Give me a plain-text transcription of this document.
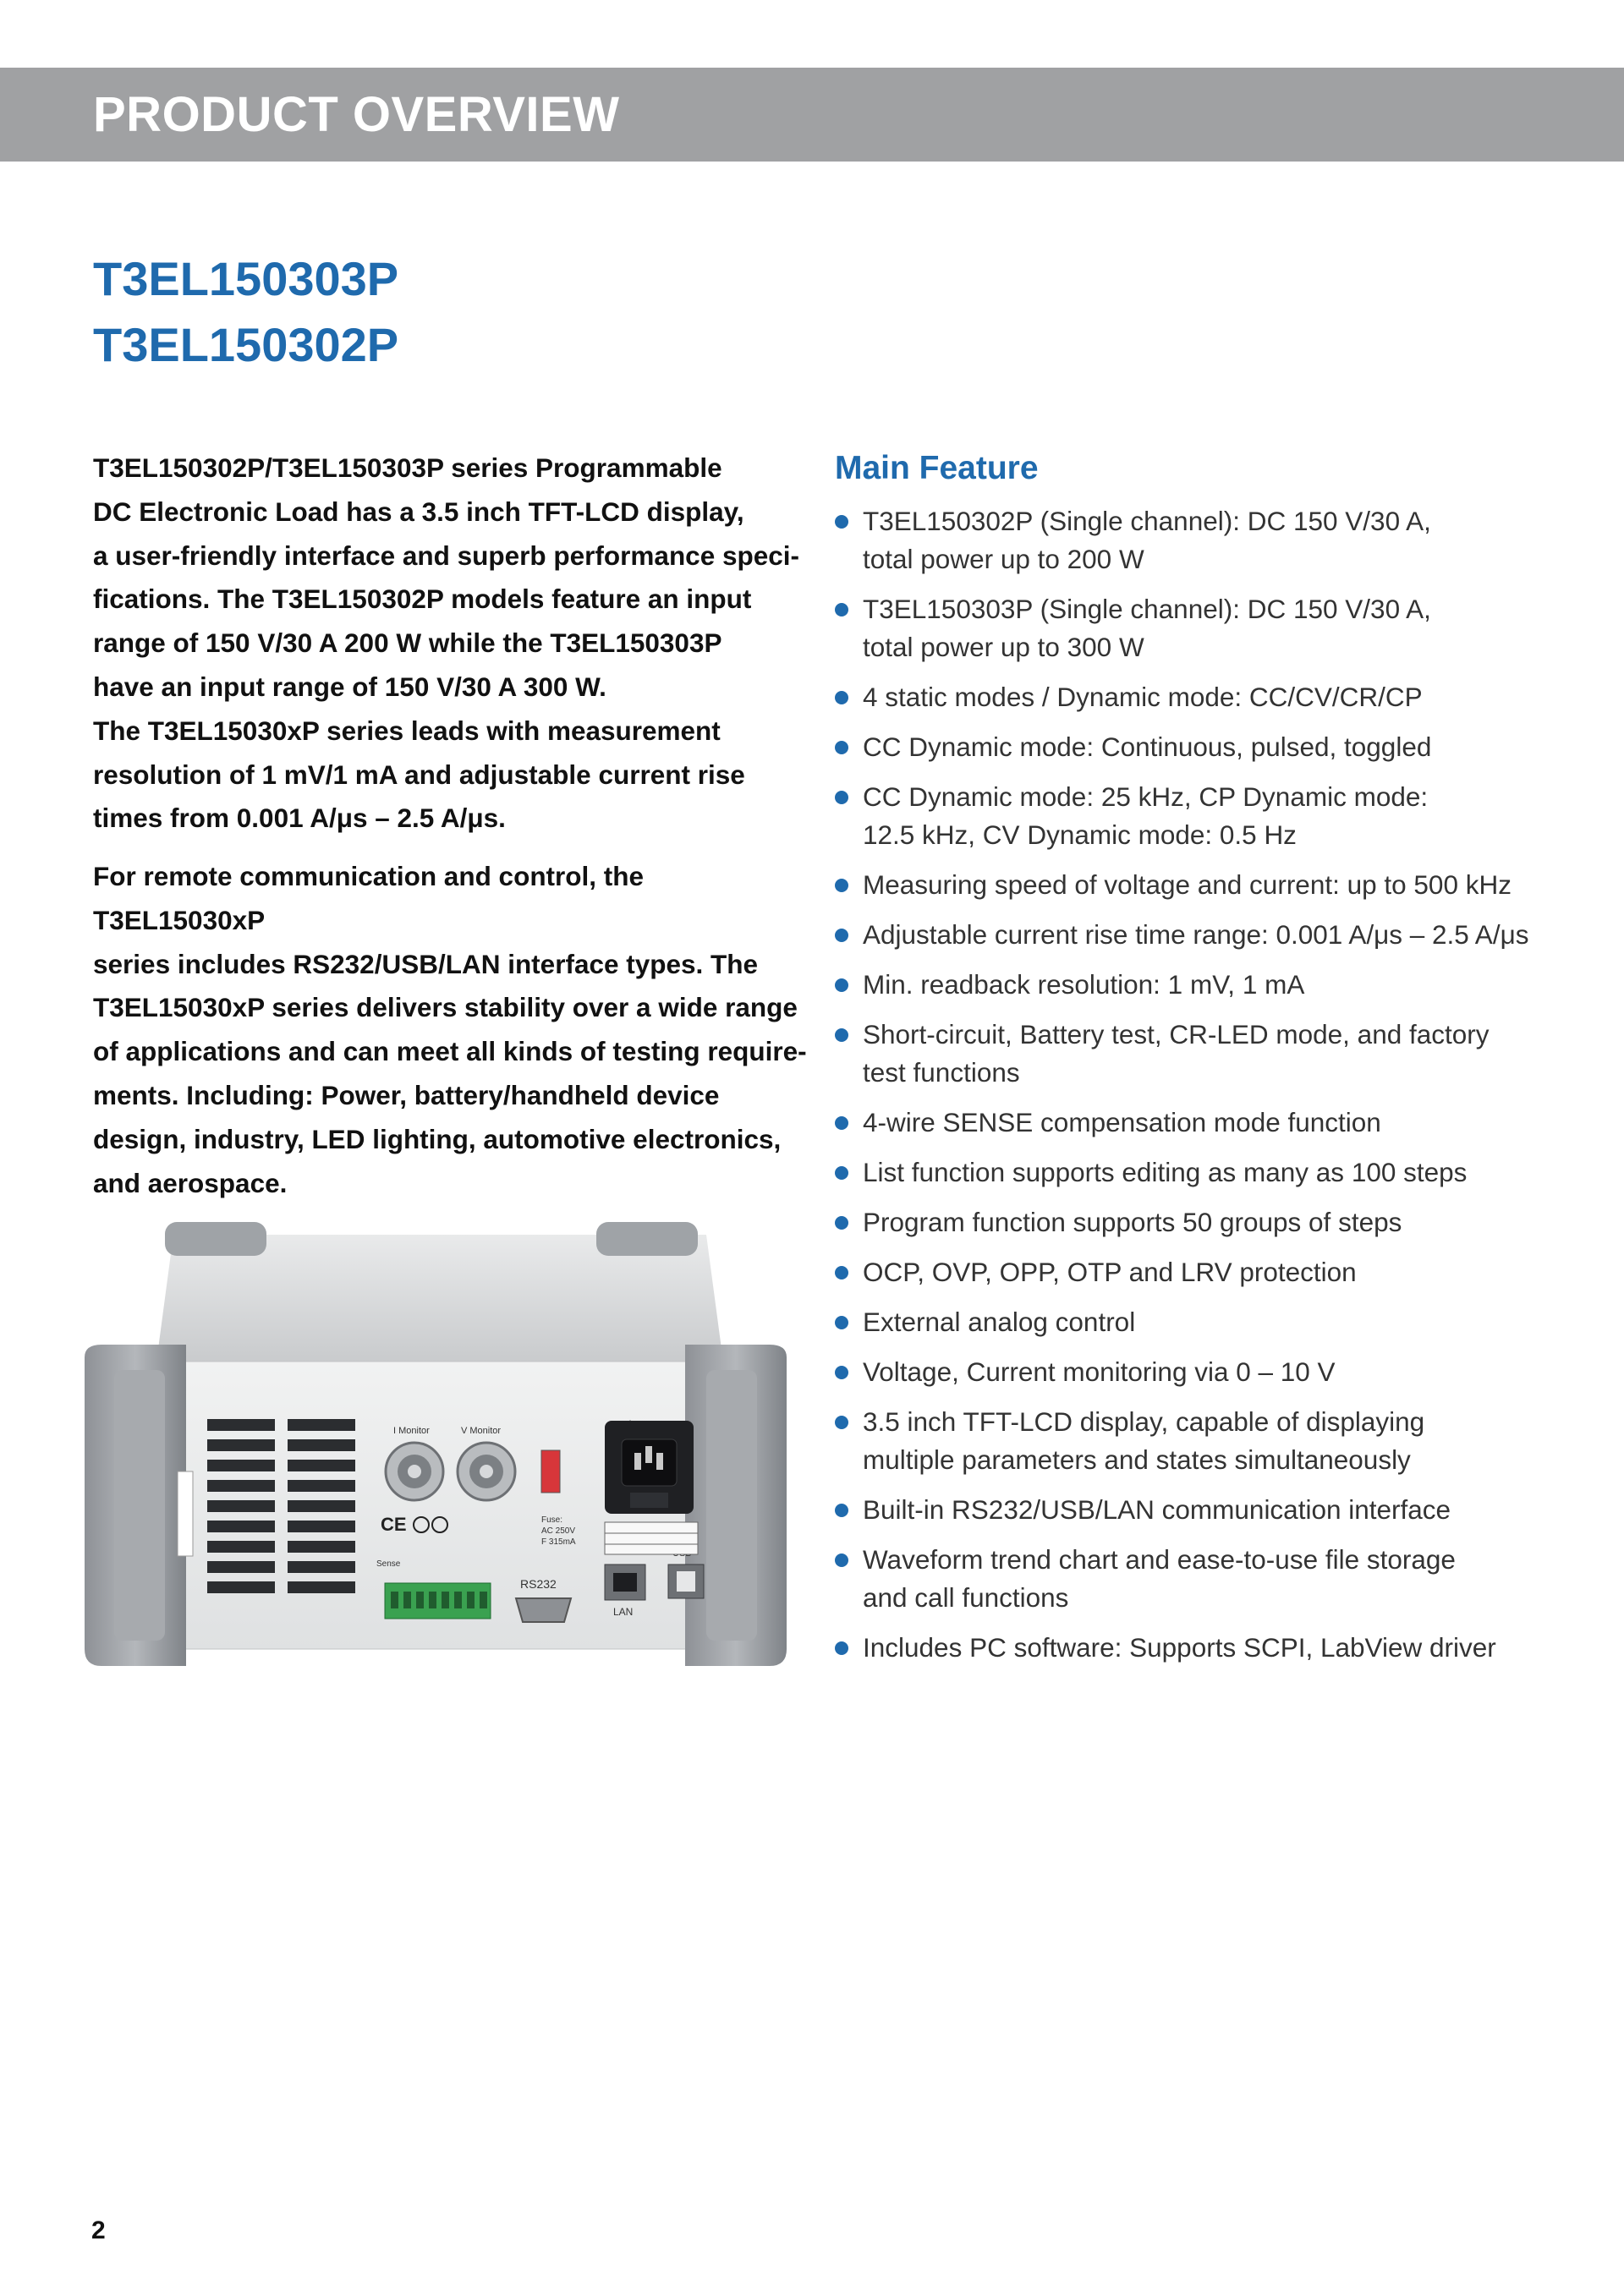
PRODUCT OVERVIEW
T3EL150303P
T3EL150302P

T3EL150302P/T3EL150303P series Programmable

DC Electronic Load has a 3.5 inch TFT-LCD display,

a user-friendly interface and superb performance speci-

fications. The T3EL150302P models feature an input

range of 150 V/30 A 200 W while the T3EL150303P

have an input range of 150 V/30 A 300 W.

The T3EL15030xP series leads with measurement

resolution of 1 mV/1 mA and adjustable current rise

times from 0.001 A/μs – 2.5 A/μs.

For remote communication and control, the T3EL15030xP

series includes RS232/USB/LAN interface types. The

T3EL15030xP series delivers stability over a wide range

of applications and can meet all kinds of testing require-

ments. Including: Power, battery/handheld device

design, industry, LED lighting, automotive electronics,

and aerospace.

Main Feature
T3EL150302P (Single channel): DC 150 V/30 A,
total power up to 200 W
T3EL150303P (Single channel): DC 150 V/30 A,
total power up to 300 W
4 static modes / Dynamic mode: CC/CV/CR/CP
CC Dynamic mode: Continuous, pulsed, toggled
CC Dynamic mode: 25 kHz, CP Dynamic mode:
12.5 kHz, CV Dynamic mode: 0.5 Hz
Measuring speed of voltage and current: up to 500 kHz
Adjustable current rise time range: 0.001 A/μs – 2.5 A/μs
Min. readback resolution: 1 mV, 1 mA
Short-circuit, Battery test, CR-LED mode, and factory
test functions
4-wire SENSE compensation mode function
List function supports editing as many as 100 steps
Program function supports 50 groups of steps
OCP, OVP, OPP, OTP and LRV protection
External analog control
Voltage, Current monitoring via 0 – 10 V
3.5 inch TFT-LCD display, capable of displaying
multiple parameters and states simultaneously
Built-in RS232/USB/LAN communication interface
Waveform trend chart and ease-to-use file storage
and call functions
Includes PC software: Supports SCPI, LabView driver
I Monitor	V Monitor
CE	Fuse:
AC 250V
F 315mA
Sense
RS232
LAN
2
